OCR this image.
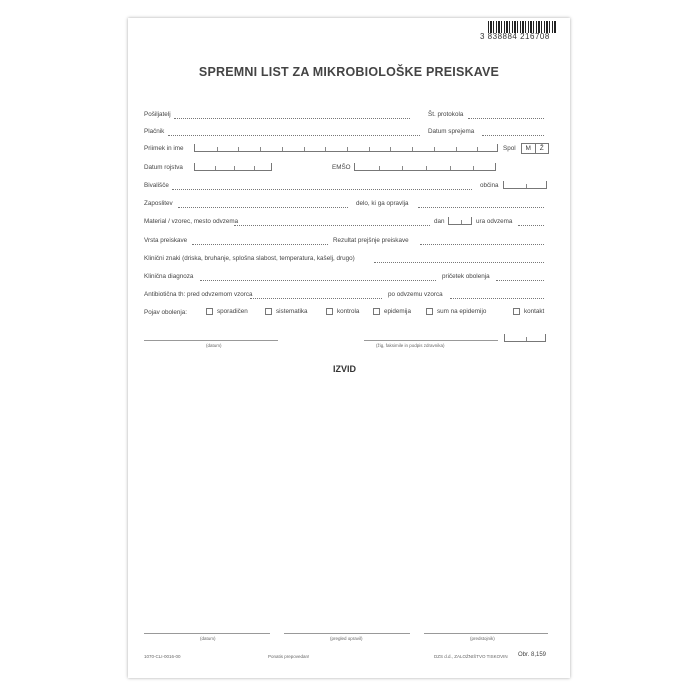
3 838884 216708
SPREMNI LIST ZA MIKROBIOLOŠKE PREISKAVE
Pošiljatelj	Št. protokola
Plačnik	Datum sprejema
Priimek in ime	Spol	M	Ž
Datum rojstva	EMŠO
Bivališče	občina
Zaposlitev	delo, ki ga opravlja
Material / vzorec, mesto odvzema	dan	ura odvzema
Vrsta preiskave	Rezultat prejšnje preiskave
Klinični znaki (driska, bruhanje, splošna slabost, temperatura, kašelj, drugo)
Klinična diagnoza	pričetek obolenja
Antibiotična th: pred odvzemom vzorca	po odvzemu vzorca
Pojav obolenja:	sporadičen	sistematika	kontrola	epidemija	sum na epidemijo	kontakt
(datum)	(žig, faksimile in podpis zdravnika)
IZVID
(datum)	(pregled opravil)	(predstojnik)
1070-CLI-0016-00	Ponatis prepovedan!	DZS d.d., ZALOŽNIŠTVO TISKOVIN Obr. 8,159
